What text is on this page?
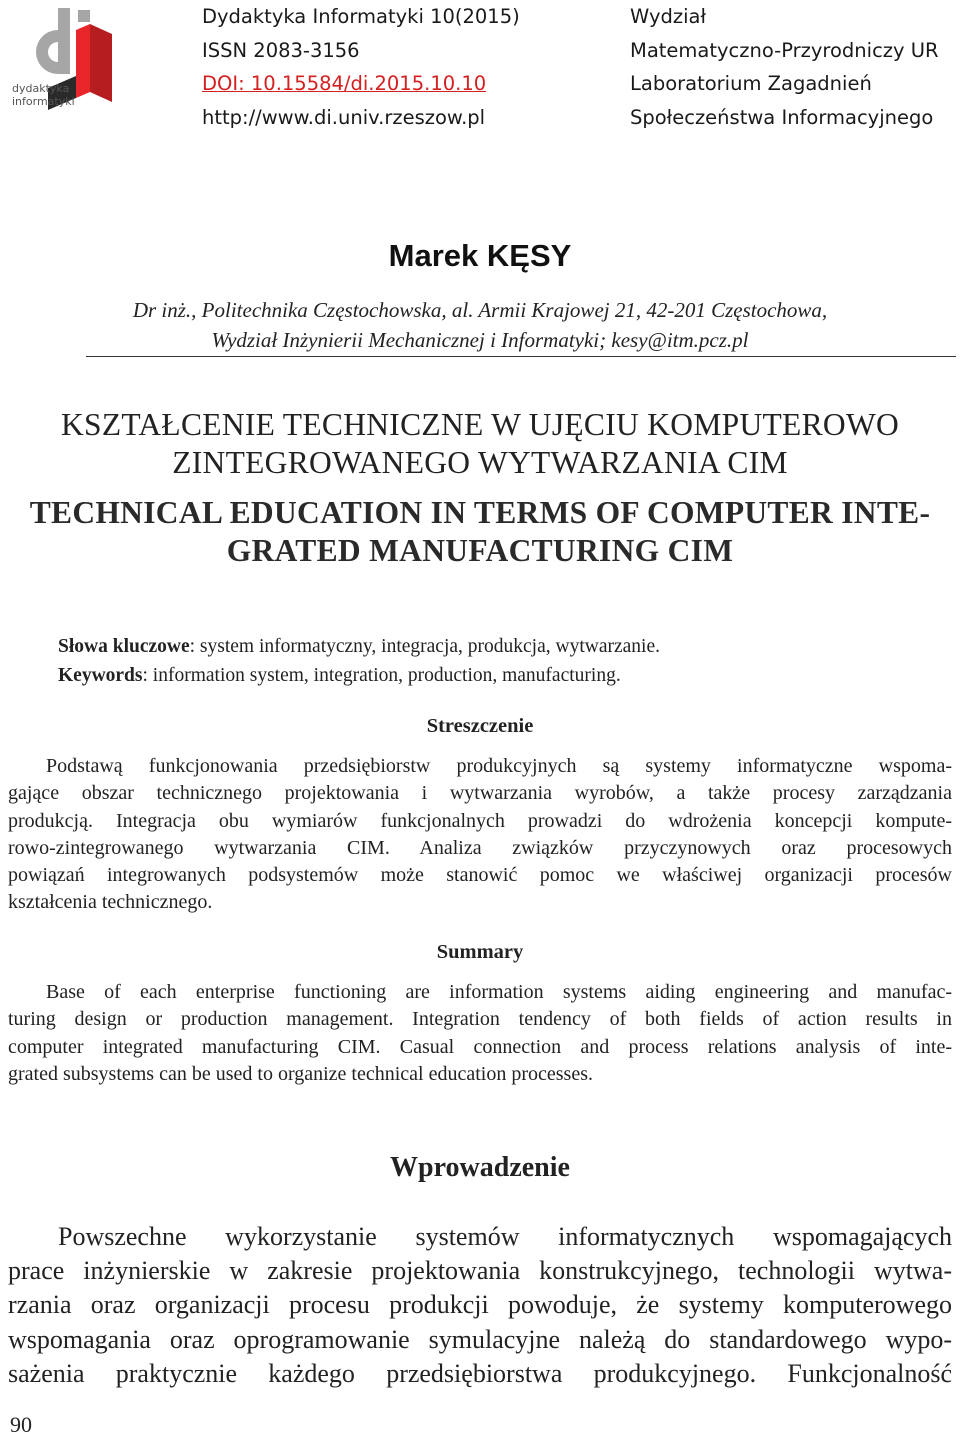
dydaktyka
informatyki
Dydaktyka Informatyki 10(2015)
ISSN 2083-3156
DOI: 10.15584/di.2015.10.10
http://www.di.univ.rzeszow.pl
Wydział
Matematyczno-Przyrodniczy UR
Laboratorium Zagadnień
Społeczeństwa Informacyjnego
Marek KĘSY
Dr inż., Politechnika Częstochowska, al. Armii Krajowej 21, 42-201 Częstochowa,
Wydział Inżynierii Mechanicznej i Informatyki; kesy@itm.pcz.pl
KSZTAŁCENIE TECHNICZNE W UJĘCIU KOMPUTEROWO
ZINTEGROWANEGO WYTWARZANIA CIM
TECHNICAL EDUCATION IN TERMS OF COMPUTER INTE-
GRATED MANUFACTURING CIM
Słowa kluczowe: system informatyczny, integracja, produkcja, wytwarzanie.
Keywords: information system, integration, production, manufacturing.
Streszczenie
Podstawą funkcjonowania przedsiębiorstw produkcyjnych są systemy informatyczne wspoma-
gające obszar technicznego projektowania i wytwarzania wyrobów, a także procesy zarządzania
produkcją. Integracja obu wymiarów funkcjonalnych prowadzi do wdrożenia koncepcji kompute-
rowo-zintegrowanego wytwarzania CIM. Analiza związków przyczynowych oraz procesowych
powiązań integrowanych podsystemów może stanowić pomoc we właściwej organizacji procesów
kształcenia technicznego.
Summary
Base of each enterprise functioning are information systems aiding engineering and manufac-
turing design or production management. Integration tendency of both fields of action results in
computer integrated manufacturing CIM. Casual connection and process relations analysis of inte-
grated subsystems can be used to organize technical education processes.
Wprowadzenie
Powszechne wykorzystanie systemów informatycznych wspomagających
prace inżynierskie w zakresie projektowania konstrukcyjnego, technologii wytwa-
rzania oraz organizacji procesu produkcji powoduje, że systemy komputerowego
wspomagania oraz oprogramowanie symulacyjne należą do standardowego wypo-
sażenia praktycznie każdego przedsiębiorstwa produkcyjnego. Funkcjonalność
90
